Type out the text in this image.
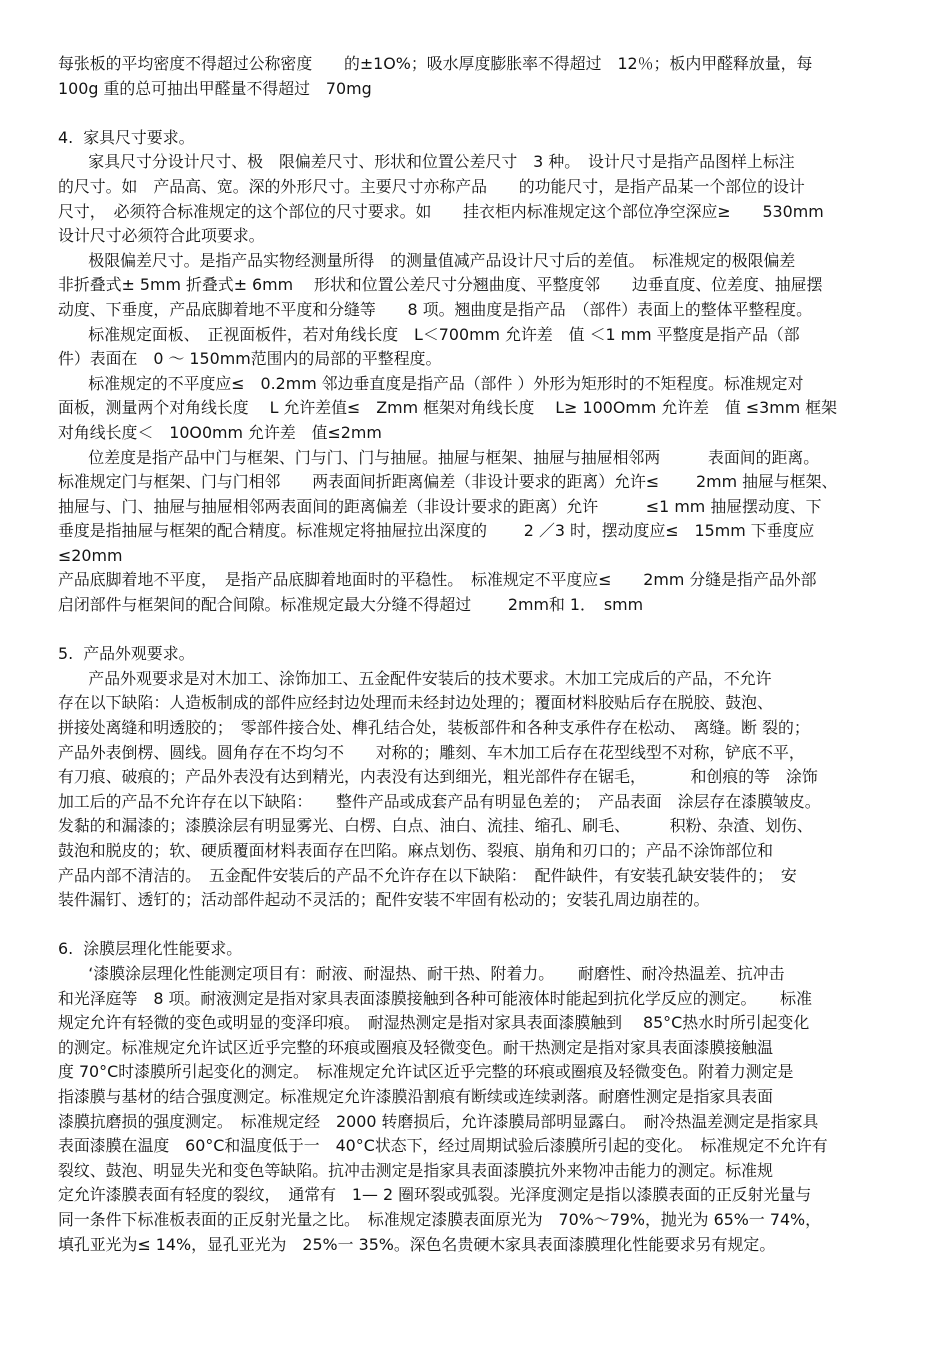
每张板的平均密度不得超过公称密度　　的±1O%；吸水厚度膨胀率不得超过　12％；板内甲醛释放量，每
100g 重的总可抽出甲醛量不得超过　70mg
4.  家具尺寸要求。
家具尺寸分设计尺寸、极　限偏差尺寸、形状和位置公差尺寸　3 种。　设计尺寸是指产品图样上标注
的尺寸。如　产品高、宽。深的外形尺寸。主要尺寸亦称产品　　的功能尺寸，是指产品某一个部位的设计
尺寸，　必须符合标准规定的这个部位的尺寸要求。如　　挂衣柜内标准规定这个部位净空深应≥　　530mm
设计尺寸必须符合此项要求。
极限偏差尺寸。是指产品实物经测量所得　的测量值减产品设计尺寸后的差值。　标准规定的极限偏差
非折叠式± 5mm 折叠式± 6mm　 形状和位置公差尺寸分翘曲度、平整度邻　　边垂直度、位差度、抽屉摆
动度、下垂度，产品底脚着地不平度和分缝等　　8 项。翘曲度是指产品　（部件）表面上的整体平整程度。
标准规定面板、　正视面板件，若对角线长度　L＜700mm 允许差　值 ＜1 mm 平整度是指产品（部
件）表面在　0 ～ 150mm范围内的局部的平整程度。
标准规定的不平度应≤　0.2mm 邻边垂直度是指产品（部件 ）外形为矩形时的不矩程度。标准规定对
面板，测量两个对角线长度　 L 允许差值≤　Zmm 框架对角线长度　 L≥ 100Omm 允许差　值 ≤3mm 框架
对角线长度＜　10O0mm 允许差　值≤2mm
位差度是指产品中门与框架、门与门、门与抽屉。抽屉与框架、抽屉与抽屉相邻两　　　表面间的距离。
标准规定门与框架、门与门相邻　　两表面间折距离偏差（非设计要求的距离）允许≤　　 2mm 抽屉与框架、
抽屉与、门、抽屉与抽屉相邻两表面间的距离偏差（非设计要求的距离）允许　　　≤1 mm 抽屉摆动度、下
垂度是指抽屉与框架的配合精度。标准规定将抽屉拉出深度的　　 2 ／3 时，摆动度应≤　15mm 下垂度应
≤20mm
产品底脚着地不平度，　是指产品底脚着地面时的平稳性。　标准规定不平度应≤　　2mm 分缝是指产品外部
启闭部件与框架间的配合间隙。标准规定最大分缝不得超过　　 2mm和 1．　smm
5.  产品外观要求。
产品外观要求是对木加工、涂饰加工、五金配件安装后的技术要求。木加工完成后的产品，不允许
存在以下缺陷：人造板制成的部件应经封边处理而未经封边处理的；覆面材料胶贴后存在脱胶、鼓泡、
拼接处离缝和明透胶的；　零部件接合处、榫孔结合处，装板部件和各种支承件存在松动、　离缝。断 裂的；
产品外表倒楞、圆线。圆角存在不均匀不　　对称的；雕刻、车木加工后存在花型线型不对称，铲底不平，
有刀痕、破痕的；产品外表没有达到精光，内表没有达到细光，粗光部件存在锯毛，　　　 和创痕的等　涂饰
加工后的产品不允许存在以下缺陷：　　整件产品或成套产品有明显色差的；　产品表面　涂层存在漆膜皱皮。
发黏的和漏漆的；漆膜涂层有明显雾光、白楞、白点、油白、流挂、缩孔、刷毛、　　　积粉、杂渣、划伤、
鼓泡和脱皮的；软、硬质覆面材料表面存在凹陷。麻点划伤、裂痕、崩角和刃口的；产品不涂饰部位和
产品内部不清洁的。　五金配件安装后的产品不允许存在以下缺陷：　配件缺件，有安装孔缺安装件的；　安
装件漏钉、透钉的；活动部件起动不灵活的；配件安装不牢固有松动的；安装孔周边崩茬的。
6.  涂膜层理化性能要求。
‘漆膜涂层理化性能测定项目有：耐液、耐湿热、耐干热、附着力。　　耐磨性、耐冷热温差、抗冲击
和光泽庭等　8 项。耐液测定是指对家具表面漆膜接触到各种可能液体时能起到抗化学反应的测定。　　标准
规定允许有轻微的变色或明显的变泽印痕。　耐湿热测定是指对家具表面漆膜触到　 85°C热水时所引起变化
的测定。标准规定允许试区近乎完整的环痕或圈痕及轻微变色。耐干热测定是指对家具表面漆膜接触温
度 70°C时漆膜所引起变化的测定。　标准规定允许试区近乎完整的环痕或圈痕及轻微变色。附着力测定是
指漆膜与基材的结合强度测定。标准规定允许漆膜沿割痕有断续或连续剥落。耐磨性测定是指家具表面
漆膜抗磨损的强度测定。　标准规定经　2000 转磨损后，允许漆膜局部明显露白。　耐冷热温差测定是指家具
表面漆膜在温度　60°C和温度低于一　40°C状态下，经过周期试验后漆膜所引起的变化。　标准规定不允许有
裂纹、鼓泡、明显失光和变色等缺陷。抗冲击测定是指家具表面漆膜抗外来物冲击能力的测定。标准规
定允许漆膜表面有轻度的裂纹，　通常有　1— 2 圈环裂或弧裂。光泽度测定是指以漆膜表面的正反射光量与
同一条件下标准板表面的正反射光量之比。　标准规定漆膜表面原光为　70%～79%，抛光为 65%一 74%，
填孔亚光为≤ 14%，显孔亚光为　25%一 35%。深色名贵硬木家具表面漆膜理化性能要求另有规定。
